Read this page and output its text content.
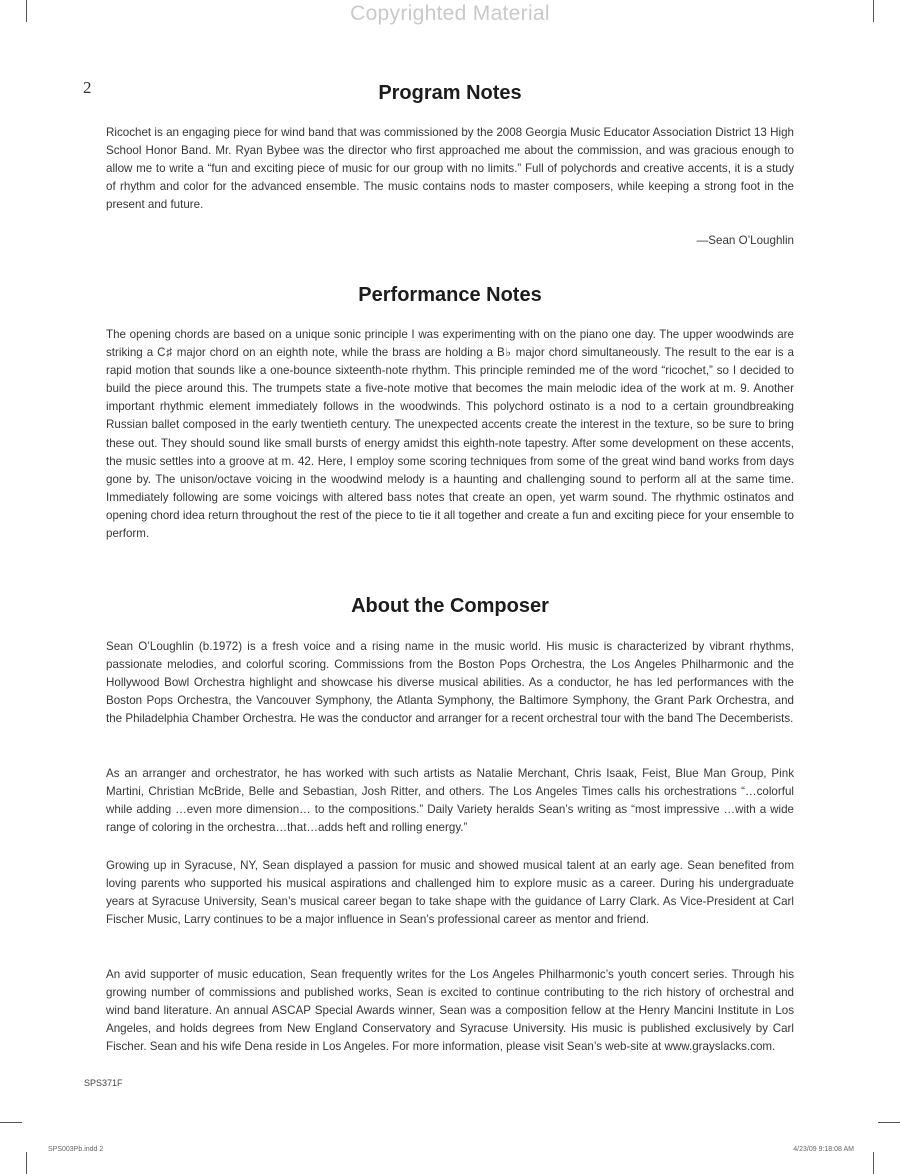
Copyrighted Material
2	Program Notes

Ricochet is an engaging piece for wind band that was commissioned by the 2008 Georgia Music Educator Association District 13 High School Honor Band. Mr. Ryan Bybee was the director who first approached me about the commission, and was gracious enough to allow me to write a “fun and exciting piece of music for our group with no limits.” Full of polychords and creative accents, it is a study of rhythm and color for the advanced ensemble. The music contains nods to master composers, while keeping a strong foot in the present and future.

—Sean O’Loughlin

Performance Notes

The opening chords are based on a unique sonic principle I was experimenting with on the piano one day. The upper woodwinds are striking a C♯ major chord on an eighth note, while the brass are holding a B♭ major chord simultaneously. The result to the ear is a rapid motion that sounds like a one-bounce sixteenth-note rhythm. This principle reminded me of the word “ricochet,” so I decided to build the piece around this. The trumpets state a five-note motive that becomes the main melodic idea of the work at m. 9. Another important rhythmic element immediately follows in the woodwinds. This polychord ostinato is a nod to a certain groundbreaking Russian ballet composed in the early twentieth century. The unexpected accents create the interest in the texture, so be sure to bring these out. They should sound like small bursts of energy amidst this eighth-note tapestry. After some development on these accents, the music settles into a groove at m. 42. Here, I employ some scoring techniques from some of the great wind band works from days gone by. The unison/octave voicing in the woodwind melody is a haunting and challenging sound to perform all at the same time. Immediately following are some voicings with altered bass notes that create an open, yet warm sound. The rhythmic ostinatos and opening chord idea return throughout the rest of the piece to tie it all together and create a fun and exciting piece for your ensemble to perform.

About the Composer

Sean O’Loughlin (b.1972) is a fresh voice and a rising name in the music world. His music is characterized by vibrant rhythms, passionate melodies, and colorful scoring. Commissions from the Boston Pops Orchestra, the Los Angeles Philharmonic and the Hollywood Bowl Orchestra highlight and showcase his diverse musical abilities. As a conductor, he has led performances with the Boston Pops Orchestra, the Vancouver Symphony, the Atlanta Symphony, the Baltimore Symphony, the Grant Park Orchestra, and the Philadelphia Chamber Orchestra. He was the conductor and arranger for a recent orchestral tour with the band The Decemberists.

As an arranger and orchestrator, he has worked with such artists as Natalie Merchant, Chris Isaak, Feist, Blue Man Group, Pink Martini, Christian McBride, Belle and Sebastian, Josh Ritter, and others. The Los Angeles Times calls his orchestrations “…colorful while adding …even more dimension… to the compositions.” Daily Variety heralds Sean’s writing as “most impressive …with a wide range of coloring in the orchestra…that…adds heft and rolling energy.”

Growing up in Syracuse, NY, Sean displayed a passion for music and showed musical talent at an early age. Sean benefited from loving parents who supported his musical aspirations and challenged him to explore music as a career. During his undergraduate years at Syracuse University, Sean’s musical career began to take shape with the guidance of Larry Clark. As Vice-President at Carl Fischer Music, Larry continues to be a major influence in Sean’s professional career as mentor and friend.

An avid supporter of music education, Sean frequently writes for the Los Angeles Philharmonic’s youth concert series. Through his growing number of commissions and published works, Sean is excited to continue contributing to the rich history of orchestral and wind band literature. An annual ASCAP Special Awards winner, Sean was a composition fellow at the Henry Mancini Institute in Los Angeles, and holds degrees from New England Conservatory and Syracuse University. His music is published exclusively by Carl Fischer. Sean and his wife Dena reside in Los Angeles. For more information, please visit Sean’s web-site at www.grayslacks.com.

SPS371F

SPS003Pb.indd 2	4/23/09 9:18:08 AM
